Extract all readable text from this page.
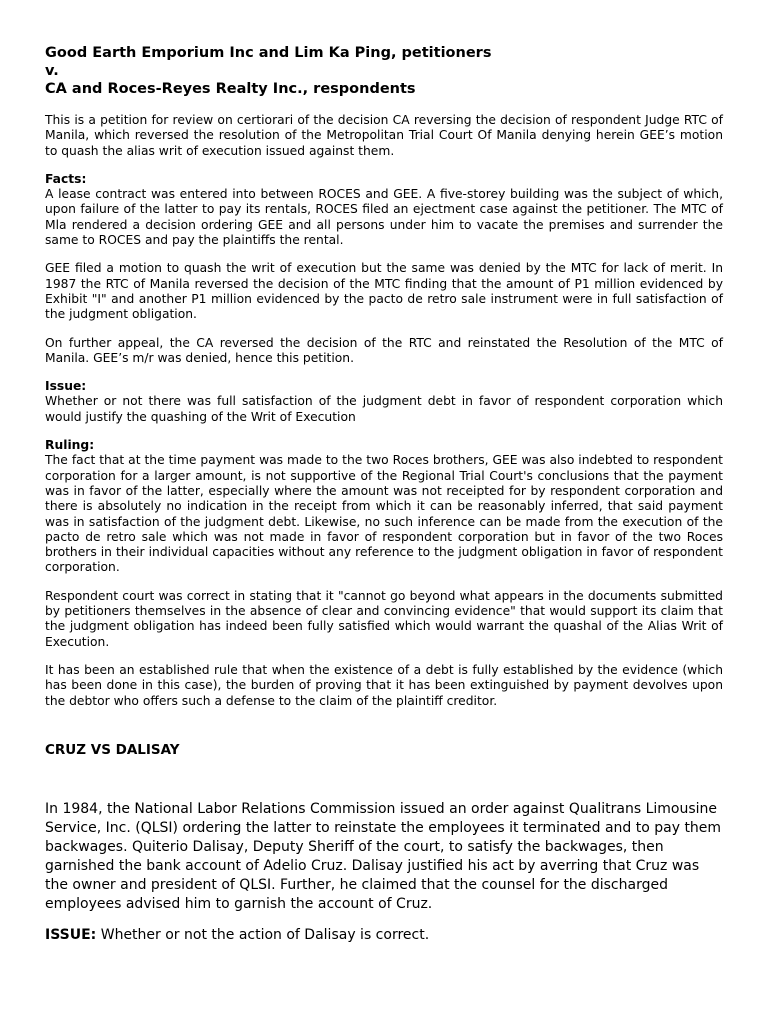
Good Earth Emporium Inc and Lim Ka Ping, petitioners

v.

CA and Roces-Reyes Realty Inc., respondents

This is a petition for review on certiorari of the decision CA reversing the decision of respondent Judge RTC of Manila, which reversed the resolution of the Metropolitan Trial Court Of Manila denying herein GEE’s motion to quash the alias writ of execution issued against them.

Facts:

A lease contract was entered into between ROCES and GEE. A five-storey building was the subject of which, upon failure of the latter to pay its rentals, ROCES filed an ejectment case against the petitioner. The MTC of Mla rendered a decision ordering GEE and all persons under him to vacate the premises and surrender the same to ROCES and pay the plaintiffs the rental.

GEE filed a motion to quash the writ of execution but the same was denied by the MTC for lack of merit. In 1987 the RTC of Manila reversed the decision of the MTC finding that the amount of P1 million evidenced by Exhibit "I" and another P1 million evidenced by the pacto de retro sale instrument were in full satisfaction of the judgment obligation.

On further appeal, the CA reversed the decision of the RTC and reinstated the Resolution of the MTC of Manila. GEE’s m/r was denied, hence this petition.

Issue:

Whether or not there was full satisfaction of the judgment debt in favor of respondent corporation which would justify the quashing of the Writ of Execution

Ruling:

The fact that at the time payment was made to the two Roces brothers, GEE was also indebted to respondent corporation for a larger amount, is not supportive of the Regional Trial Court's conclusions that the payment was in favor of the latter, especially where the amount was not receipted for by respondent corporation and there is absolutely no indication in the receipt from which it can be reasonably inferred, that said payment was in satisfaction of the judgment debt. Likewise, no such inference can be made from the execution of the pacto de retro sale which was not made in favor of respondent corporation but in favor of the two Roces brothers in their individual capacities without any reference to the judgment obligation in favor of respondent corporation.

Respondent court was correct in stating that it "cannot go beyond what appears in the documents submitted by petitioners themselves in the absence of clear and convincing evidence" that would support its claim that the judgment obligation has indeed been fully satisfied which would warrant the quashal of the Alias Writ of Execution.

It has been an established rule that when the existence of a debt is fully established by the evidence (which has been done in this case), the burden of proving that it has been extinguished by payment devolves upon the debtor who offers such a defense to the claim of the plaintiff creditor.

CRUZ VS DALISAY

In 1984, the National Labor Relations Commission issued an order against Qualitrans Limousine Service, Inc. (QLSI) ordering the latter to reinstate the employees it terminated and to pay them backwages. Quiterio Dalisay, Deputy Sheriff of the court, to satisfy the backwages, then garnished the bank account of Adelio Cruz. Dalisay justified his act by averring that Cruz was the owner and president of QLSI. Further, he claimed that the counsel for the discharged employees advised him to garnish the account of Cruz.

ISSUE: Whether or not the action of Dalisay is correct.
